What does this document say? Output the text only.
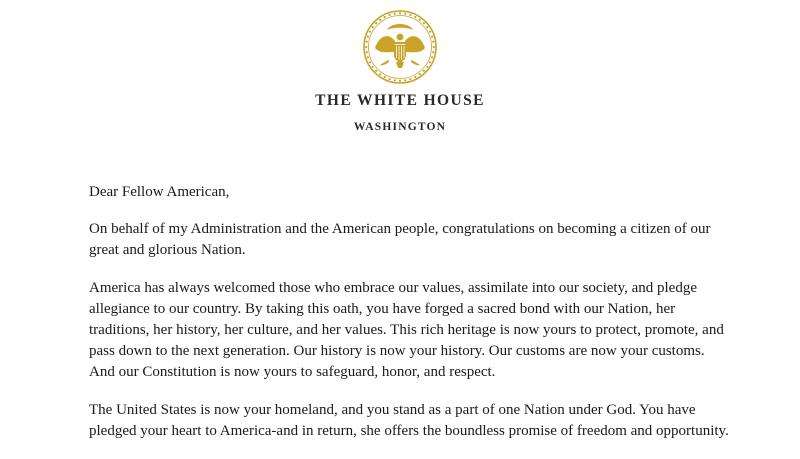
THE WHITE HOUSE
WASHINGTON

Dear Fellow American,

On behalf of my Administration and the American people, congratulations on becoming a citizen of our great and glorious Nation.

America has always welcomed those who embrace our values, assimilate into our society, and pledge allegiance to our country. By taking this oath, you have forged a sacred bond with our Nation, her traditions, her history, her culture, and her values. This rich heritage is now yours to protect, promote, and pass down to the next generation. Our history is now your history. Our customs are now your customs. And our Constitution is now yours to safeguard, honor, and respect.

The United States is now your homeland, and you stand as a part of one Nation under God. You have pledged your heart to America-and in return, she offers the boundless promise of freedom and opportunity.
